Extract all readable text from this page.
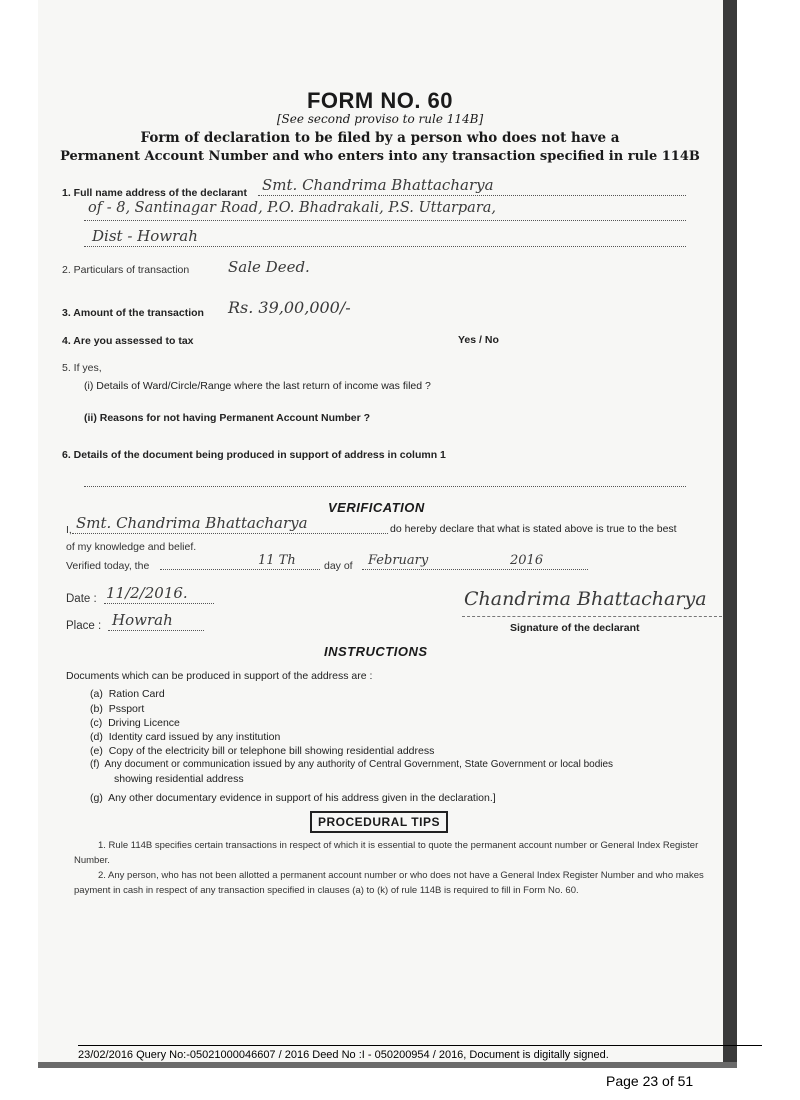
FORM NO. 60
[See second proviso to rule 114B]
Form of declaration to be filed by a person who does not have a
Permanent Account Number and who enters into any transaction specified in rule 114B
1. Full name address of the declarant Smt. Chandrima Bhattacharya
of - 8, Santinagar Road, P.O. Bhadrakali, P.S. Uttarpara,
Dist - Howrah
2. Particulars of transaction	Sale Deed.
3. Amount of the transaction Rs. 39,00,000/-
4. Are you assessed to tax	Yes / No
5. If yes,
(i) Details of Ward/Circle/Range where the last return of income was filed ?
(ii) Reasons for not having Permanent Account Number ?
6. Details of the document being produced in support of address in column 1
VERIFICATION
I, Smt. Chandrima Bhattacharya	do hereby declare that what is stated above is true to the best
of my knowledge and belief.
Verified today, the	11 Th	day of February	2016
Date : 11/2/2016.
Place : Howrah
Chandrima Bhattacharya
Signature of the declarant
INSTRUCTIONS
Documents which can be produced in support of the address are :
(a) Ration Card
(b) Pssport
(c) Driving Licence
(d) Identity card issued by any institution
(e) Copy of the electricity bill or telephone bill showing residential address
(f) Any document or communication issued by any authority of Central Government, State Government or local bodies
showing residential address
(g) Any other documentary evidence in support of his address given in the declaration.]
PROCEDURAL TIPS
1. Rule 114B specifies certain transactions in respect of which it is essential to quote the permanent account number or General Index Register Number.
2. Any person, who has not been allotted a permanent account number or who does not have a General Index Register Number and who makes payment in cash in respect of any transaction specified in clauses (a) to (k) of rule 114B is required to fill in Form No. 60.
23/02/2016 Query No:-05021000046607 / 2016 Deed No :I - 050200954 / 2016, Document is digitally signed.
Page 23 of 51
